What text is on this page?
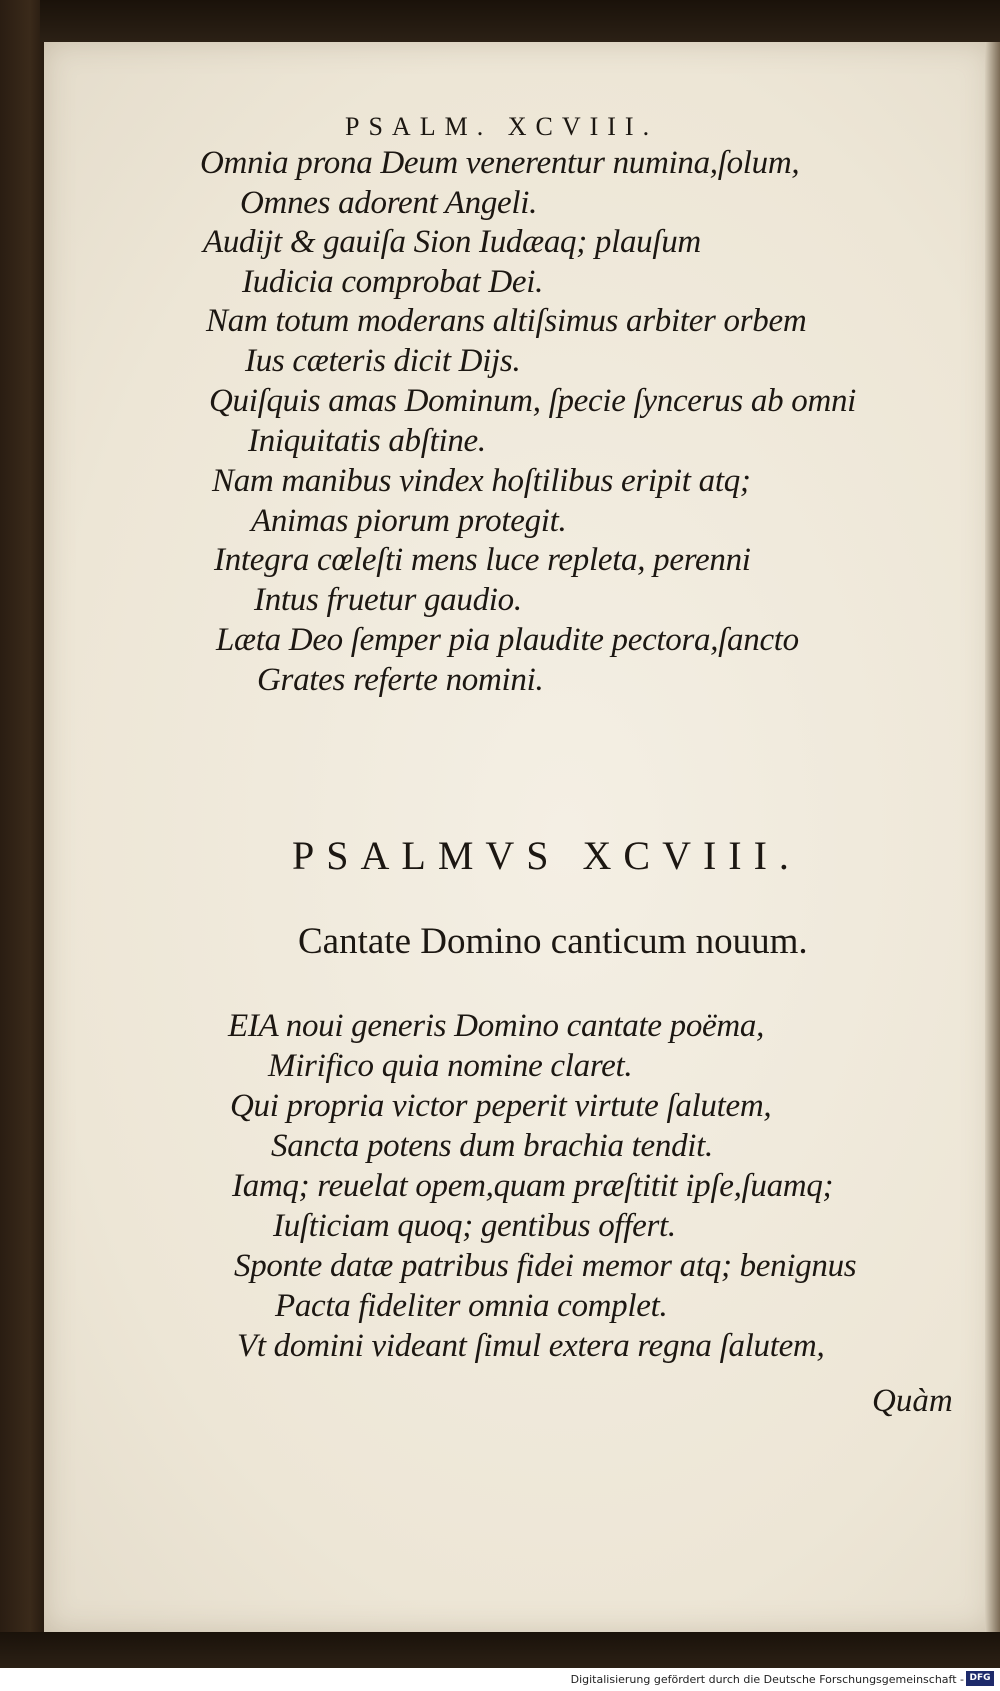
PSALM. XCVIII.
Omnia prona Deum venerentur numina,ſolum,
Omnes adorent Angeli.
Audijt & gauiſa Sion Iudæaq; plauſum
Iudicia comprobat Dei.
Nam totum moderans altiſsimus arbiter orbem
Ius cæteris dicit Dijs.
Quiſquis amas Dominum, ſpecie ſyncerus ab omni
Iniquitatis abſtine.
Nam manibus vindex hoſtilibus eripit atq;
Animas piorum protegit.
Integra cœleſti mens luce repleta, perenni
Intus fruetur gaudio.
Læta Deo ſemper pia plaudite pectora,ſancto
Grates referte nomini.
PSALMVS XCVIII.
Cantate Domino canticum nouum.
EIA noui generis Domino cantate poëma,
Mirifico quia nomine claret.
Qui propria victor peperit virtute ſalutem,
Sancta potens dum brachia tendit.
Iamq; reuelat opem,quam præſtitit ipſe,ſuamq;
Iuſticiam quoq; gentibus offert.
Sponte datæ patribus fidei memor atq; benignus
Pacta fideliter omnia complet.
Vt domini videant ſimul extera regna ſalutem,
Quàm
Digitalisierung gefördert durch die Deutsche Forschungsgemeinschaft - DFG
